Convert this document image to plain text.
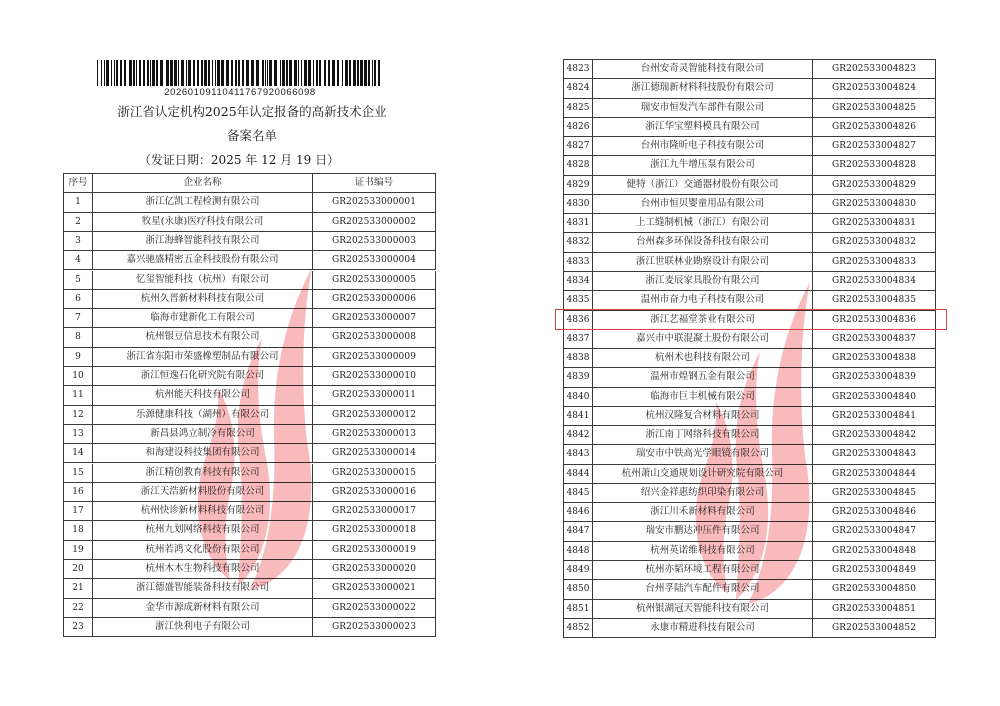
20260109110411767920066098
浙江省认定机构2025年认定报备的高新技术企业
备案名单
（发证日期：2025 年 12 月 19 日）
序号	企业名称	证书编号
1	浙江亿凯工程检测有限公司	GR202533000001
2	牧星(永康)医疗科技有限公司	GR202533000002
3	浙江海蜂智能科技有限公司	GR202533000003
4	嘉兴驰盛精密五金科技股份有限公司	GR202533000004
5	忆玺智能科技（杭州）有限公司	GR202533000005
6	杭州久晋新材料科技有限公司	GR202533000006
7	临海市建新化工有限公司	GR202533000007
8	杭州银豆信息技术有限公司	GR202533000008
9	浙江省东阳市荣盛橡塑制品有限公司	GR202533000009
10	浙江恒逸石化研究院有限公司	GR202533000010
11	杭州能天科技有限公司	GR202533000011
12	乐源健康科技（湖州）有限公司	GR202533000012
13	新昌县鸿立制冷有限公司	GR202533000013
14	和海建设科技集团有限公司	GR202533000014
15	浙江精创教育科技有限公司	GR202533000015
16	浙江天浩新材料股份有限公司	GR202533000016
17	杭州快诊新材料科技有限公司	GR202533000017
18	杭州九划网络科技有限公司	GR202533000018
19	杭州若鸿文化股份有限公司	GR202533000019
20	杭州木木生物科技有限公司	GR202533000020
21	浙江德盛智能装备科技有限公司	GR202533000021
22	金华市源成新材料有限公司	GR202533000022
23	浙江快利电子有限公司	GR202533000023
4823	台州安奇灵智能科技有限公司	GR202533004823
4824	浙江德瑞新材料科技股份有限公司	GR202533004824
4825	瑞安市恒发汽车部件有限公司	GR202533004825
4826	浙江华宝塑料模具有限公司	GR202533004826
4827	台州市隆昕电子科技有限公司	GR202533004827
4828	浙江九牛增压泵有限公司	GR202533004828
4829	健特（浙江）交通器材股份有限公司	GR202533004829
4830	台州市恒贝婴童用品有限公司	GR202533004830
4831	上工缝制机械（浙江）有限公司	GR202533004831
4832	台州森多环保设备科技有限公司	GR202533004832
4833	浙江世联林业勘察设计有限公司	GR202533004833
4834	浙江麦辰家具股份有限公司	GR202533004834
4835	温州市奋力电子科技有限公司	GR202533004835
4836	浙江艺福堂茶业有限公司	GR202533004836
4837	嘉兴市中联混凝土股份有限公司	GR202533004837
4838	杭州术也科技有限公司	GR202533004838
4839	温州市煌钢五金有限公司	GR202533004839
4840	临海市巨丰机械有限公司	GR202533004840
4841	杭州汉隆复合材料有限公司	GR202533004841
4842	浙江南丁网络科技有限公司	GR202533004842
4843	瑞安市中铁高光学眼镜有限公司	GR202533004843
4844	杭州萧山交通规划设计研究院有限公司	GR202533004844
4845	绍兴金祥惠纺织印染有限公司	GR202533004845
4846	浙江川禾新材料有限公司	GR202533004846
4847	瑞安市鹏达冲压件有限公司	GR202533004847
4848	杭州英诺维科技有限公司	GR202533004848
4849	杭州亦韬环境工程有限公司	GR202533004849
4850	台州孚陆汽车配件有限公司	GR202533004850
4851	杭州银湖冠天智能科技有限公司	GR202533004851
4852	永康市精进科技有限公司	GR202533004852
